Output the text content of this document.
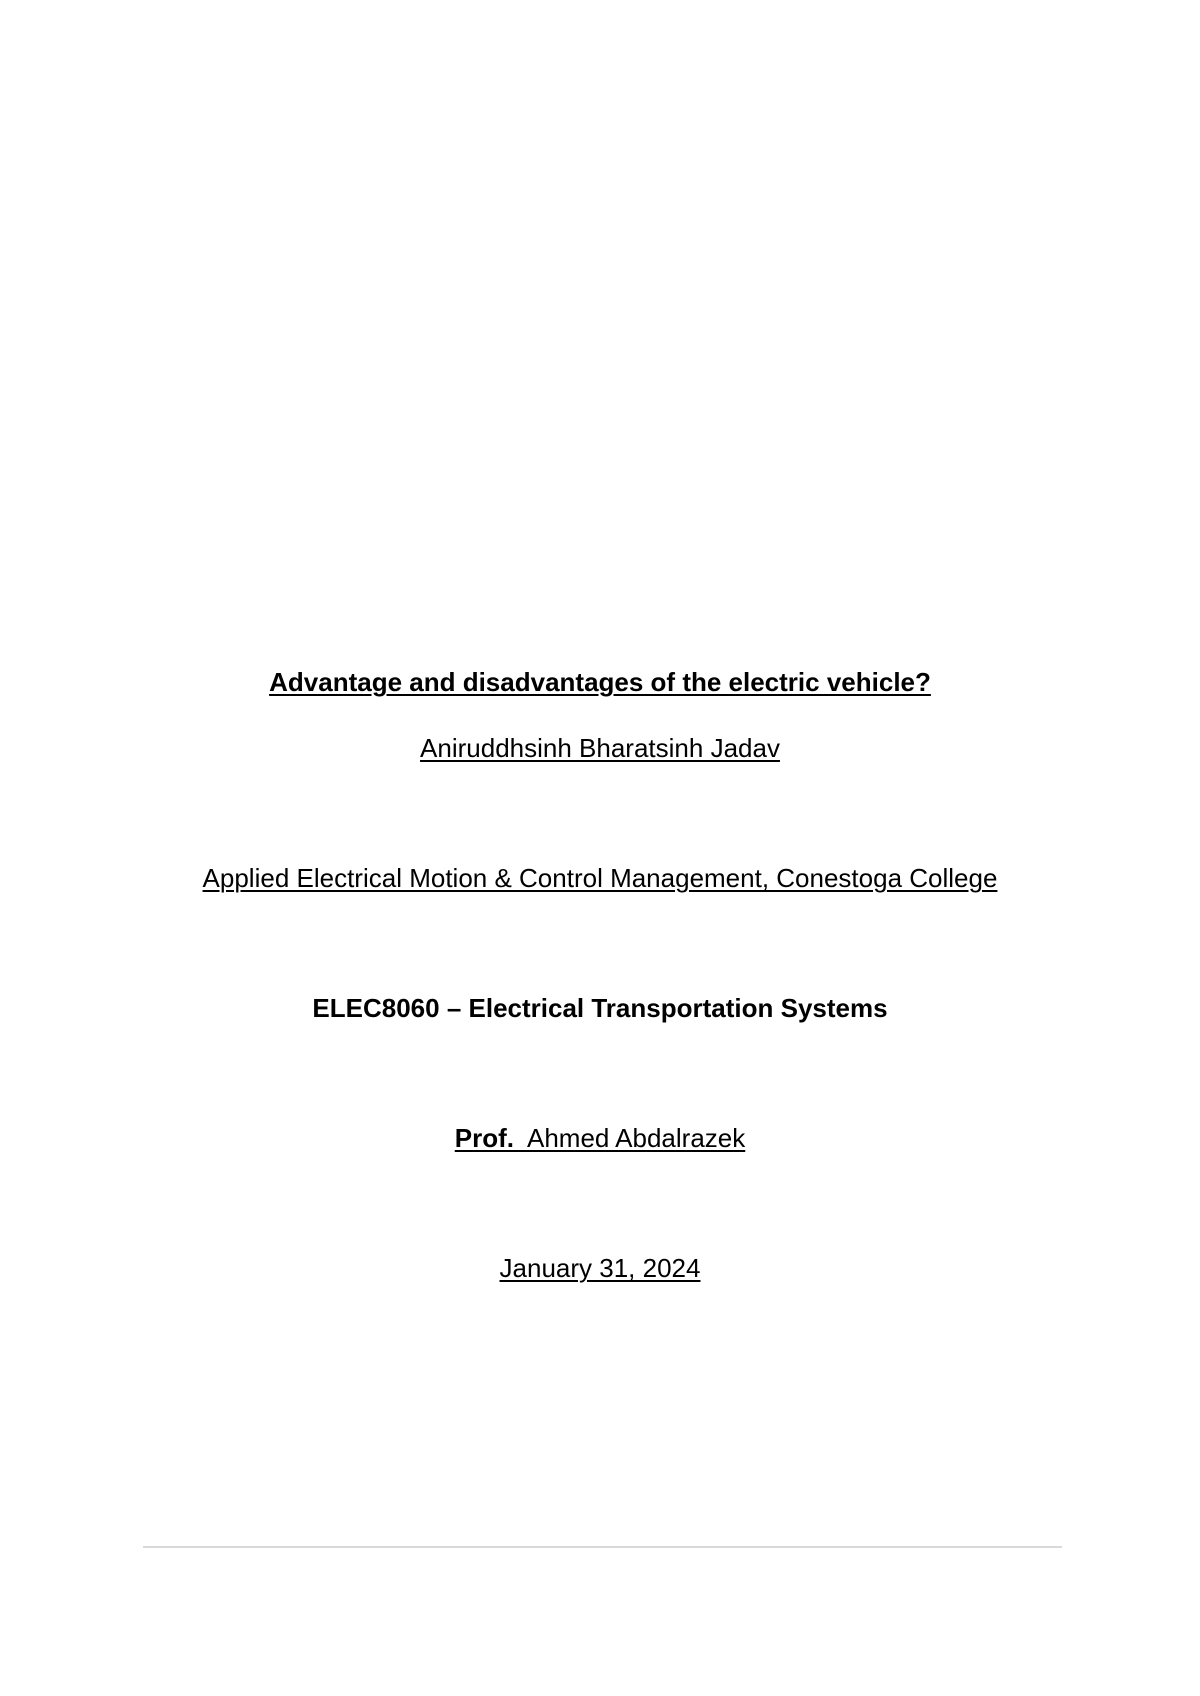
Advantage and disadvantages of the electric vehicle?
Aniruddhsinh Bharatsinh Jadav
Applied Electrical Motion & Control Management, Conestoga College
ELEC8060 – Electrical Transportation Systems
Prof. Ahmed Abdalrazek
January 31, 2024
